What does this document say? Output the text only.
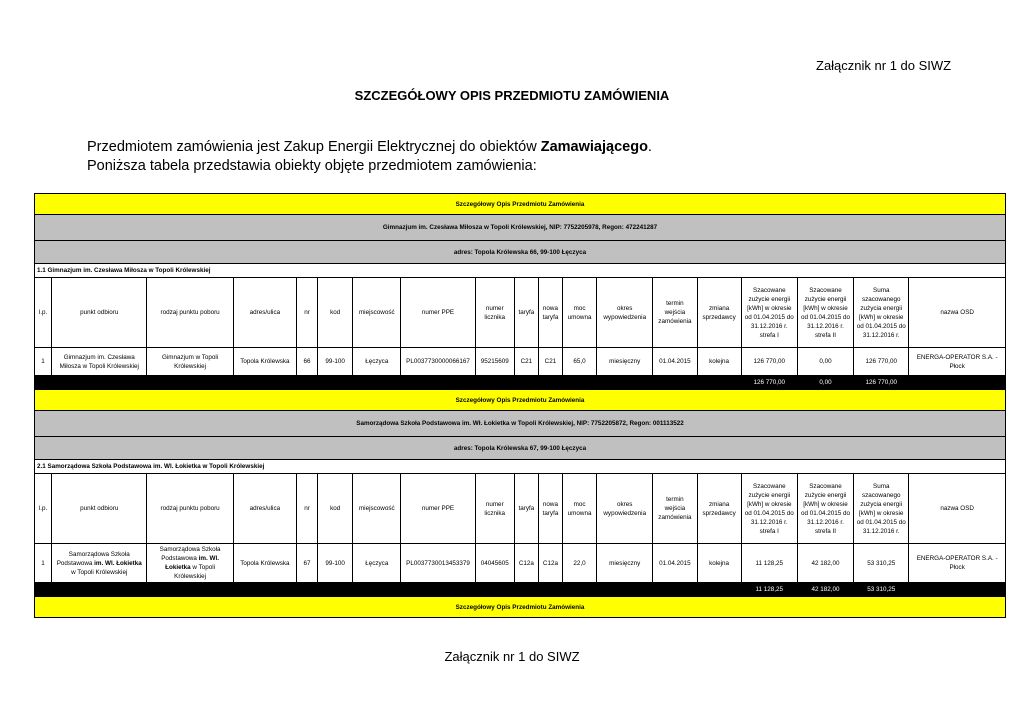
Załącznik nr 1 do SIWZ
SZCZEGÓŁOWY OPIS PRZEDMIOTU ZAMÓWIENIA
Przedmiotem zamówienia jest Zakup Energii Elektrycznej do obiektów Zamawiającego.
Poniższa tabela przedstawia obiekty objęte przedmiotem zamówienia:
Szczegółowy Opis Przedmiotu Zamówienia																		
Gimnazjum im. Czesława Miłosza w Topoli Królewskiej, NIP: 7752205978, Regon: 472241287																		
adres: Topola Królewska 66, 99-100 Łęczyca																		
1.1 Gimnazjum im. Czesława Miłosza w Topoli Królewskiej																		
l.p.	punkt odbioru	rodzaj punktu poboru	adres/ulica	nr	kod	miejscowość	numer PPE	numer licznika	taryfa	nowa taryfa	moc umowna	okres wypowiedzenia	termin wejścia zamówienia	zmiana sprzedawcy	Szacowane zużycie energii [kWh] w okresie od 01.04.2015 do 31.12.2016 r. strefa I	Szacowane zużycie energii [kWh] w okresie od 01.04.2015 do 31.12.2016 r. strefa II	Suma szacowanego zużycia energii [kWh] w okresie od 01.04.2015 do 31.12.2016 r.	nazwa OSD
1	Gimnazjum im. Czesława Miłosza w Topoli Królewskiej	Gimnazjum w Topoli Królewskiej	Topola Królewska	66	99-100	Łęczyca	PL0037730000066167	95215609	C21	C21	65,0	miesięczny	01.04.2015	kolejna	126 770,00	0,00	126 770,00	ENERGA-OPERATOR S.A. - Płock
															126 770,00	0,00	126 770,00	
Szczegółowy Opis Przedmiotu Zamówienia																		
Samorządowa Szkoła Podstawowa im. Wł. Łokietka w Topoli Królewskiej, NIP: 7752205872, Regon: 001113522																		
adres: Topola Królewska 67, 99-100 Łęczyca																		
2.1 Samorządowa Szkoła Podstawowa im. Wl. Łokietka w Topoli Królewskiej																		
l.p.	punkt odbioru	rodzaj punktu poboru	adres/ulica	nr	kod	miejscowość	numer PPE	numer licznika	taryfa	nowa taryfa	moc umowna	okres wypowiedzenia	termin wejścia zamówienia	zmiana sprzedawcy	Szacowane zużycie energii [kWh] w okresie od 01.04.2015 do 31.12.2016 r. strefa I	Szacowane zużycie energii [kWh] w okresie od 01.04.2015 do 31.12.2016 r. strefa II	Suma szacowanego zużycia energii [kWh] w okresie od 01.04.2015 do 31.12.2016 r.	nazwa OSD
1	Samorządowa Szkoła Podstawowa im. Wl. Łokietka w Topoli Królewskiej	Samorządowa Szkoła Podstawowa im. Wl. Łokietka w Topoli Królewskiej	Topola Królewska	67	99-100	Łęczyca	PL0037730013453379	04045605	C12a	C12a	22,0	miesięczny	01.04.2015	kolejna	11 128,25	42 182,00	53 310,25	ENERGA-OPERATOR S.A. - Płock
															11 128,25	42 182,00	53 310,25	
Szczegółowy Opis Przedmiotu Zamówienia																		
Załącznik nr 1 do SIWZ
